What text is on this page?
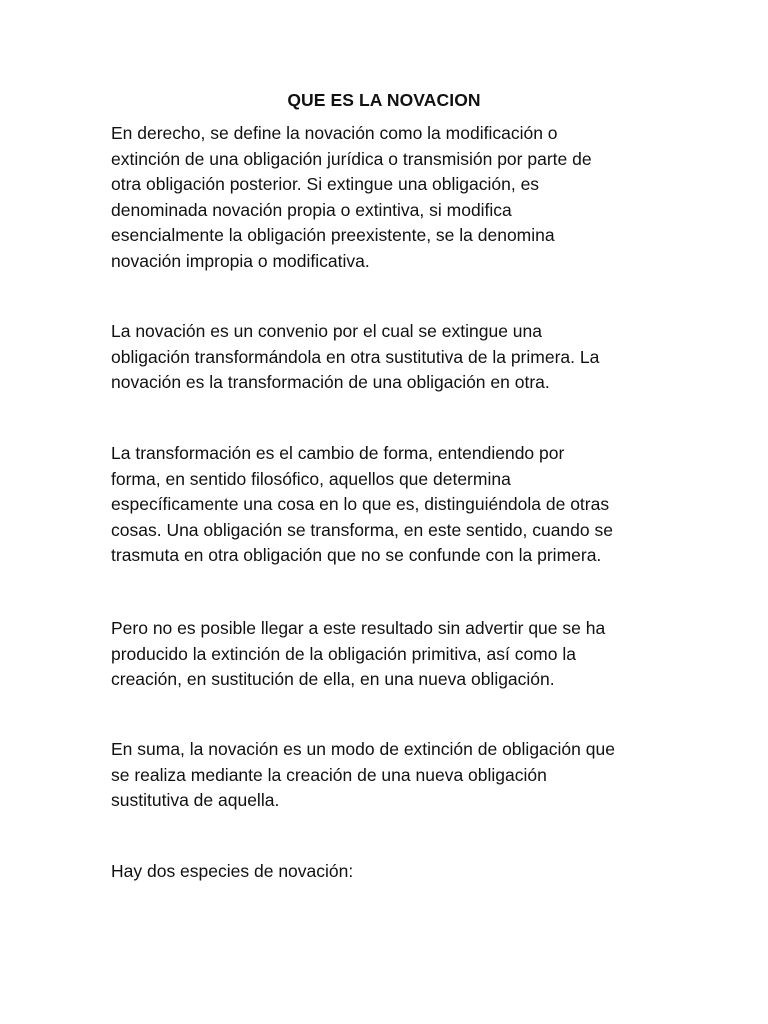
QUE ES LA NOVACION

En derecho, se define la novación como la modificación o
extinción de una obligación jurídica o transmisión por parte de
otra obligación posterior. Si extingue una obligación, es
denominada novación propia o extintiva, si modifica
esencialmente la obligación preexistente, se la denomina
novación impropia o modificativa.

La novación es un convenio por el cual se extingue una
obligación transformándola en otra sustitutiva de la primera. La
novación es la transformación de una obligación en otra.

La transformación es el cambio de forma, entendiendo por
forma, en sentido filosófico, aquellos que determina
específicamente una cosa en lo que es, distinguiéndola de otras
cosas. Una obligación se transforma, en este sentido, cuando se
trasmuta en otra obligación que no se confunde con la primera.

Pero no es posible llegar a este resultado sin advertir que se ha
producido la extinción de la obligación primitiva, así como la
creación, en sustitución de ella, en una nueva obligación.

En suma, la novación es un modo de extinción de obligación que
se realiza mediante la creación de una nueva obligación
sustitutiva de aquella.

Hay dos especies de novación:
